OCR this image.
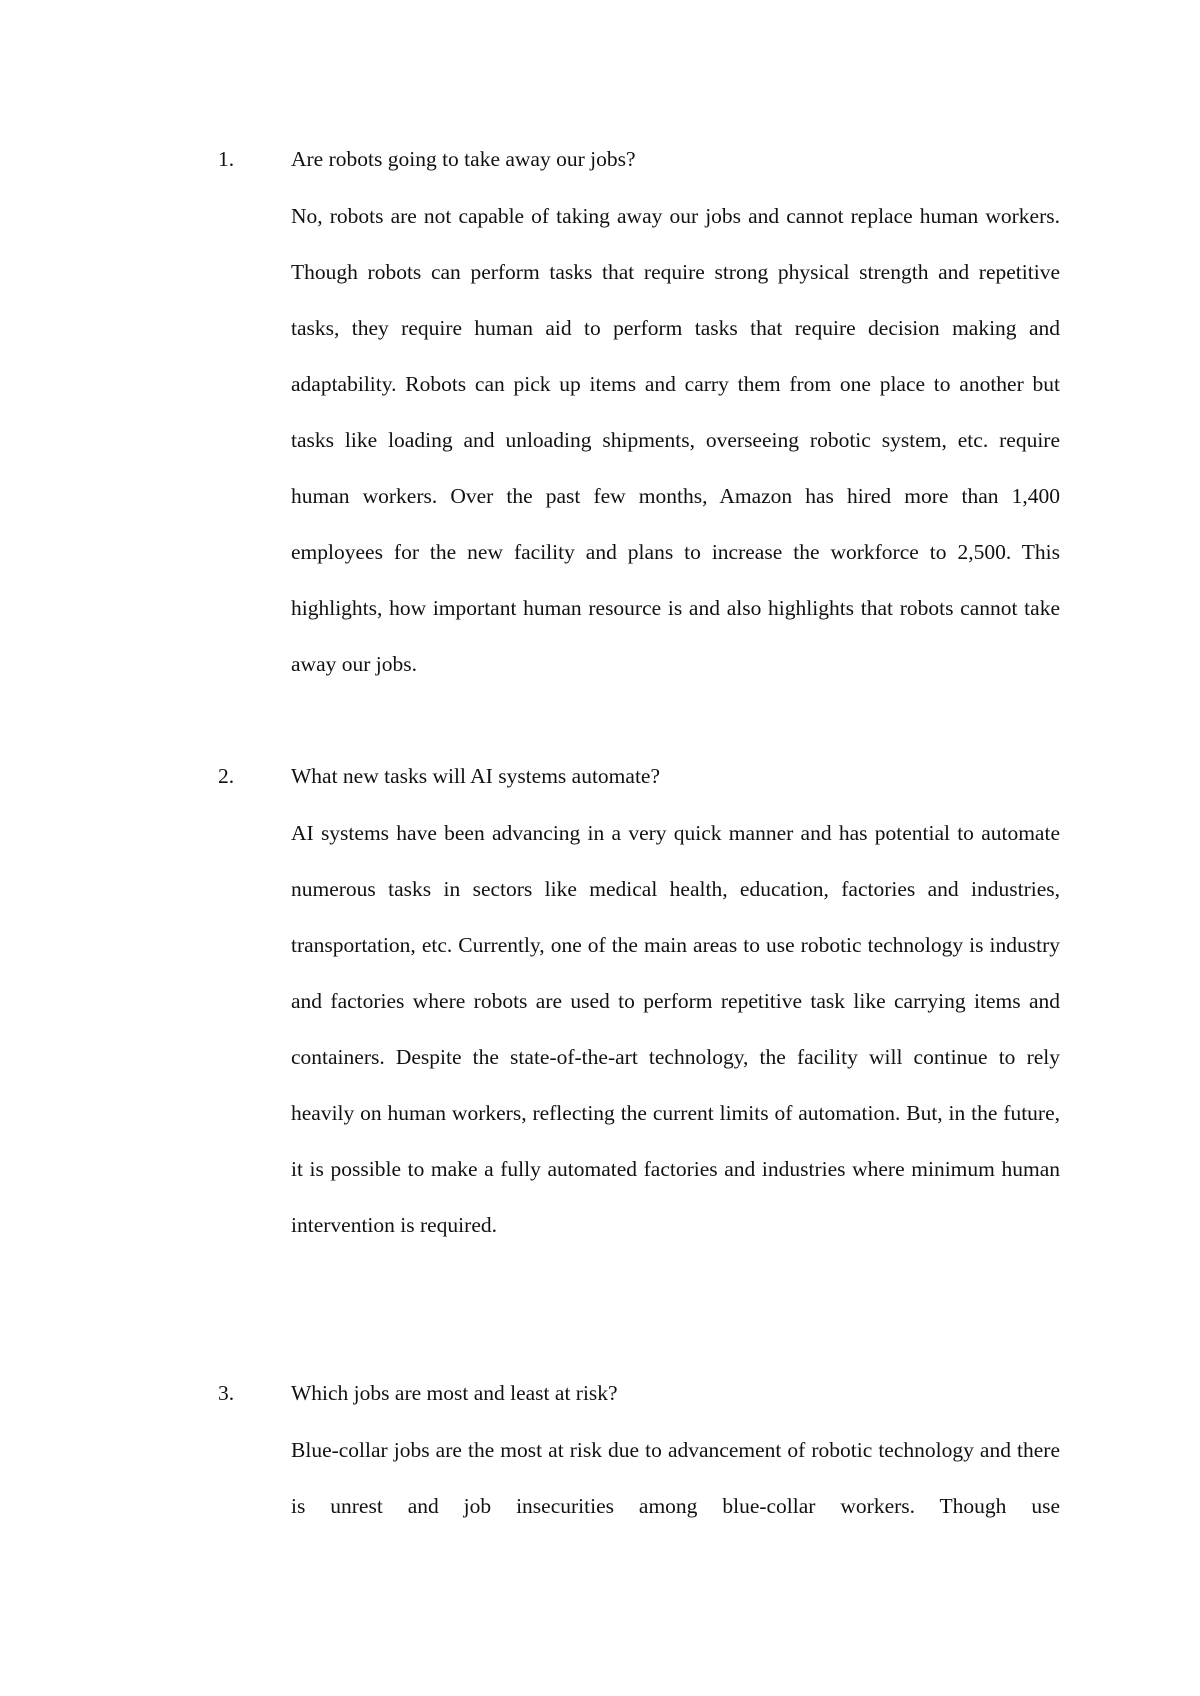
1.	Are robots going to take away our jobs?

No, robots are not capable of taking away our jobs and cannot replace human workers. Though robots can perform tasks that require strong physical strength and repetitive tasks, they require human aid to perform tasks that require decision making and adaptability. Robots can pick up items and carry them from one place to another but tasks like loading and unloading shipments, overseeing robotic system, etc. require human workers. Over the past few months, Amazon has hired more than 1,400 employees for the new facility and plans to increase the workforce to 2,500. This highlights, how important human resource is and also highlights that robots cannot take away our jobs.

2.	What new tasks will AI systems automate?

AI systems have been advancing in a very quick manner and has potential to automate numerous tasks in sectors like medical health, education, factories and industries, transportation, etc. Currently, one of the main areas to use robotic technology is industry and factories where robots are used to perform repetitive task like carrying items and containers. Despite the state-of-the-art technology, the facility will continue to rely heavily on human workers, reflecting the current limits of automation. But, in the future, it is possible to make a fully automated factories and industries where minimum human intervention is required.

3.	Which jobs are most and least at risk?

Blue-collar jobs are the most at risk due to advancement of robotic technology and there is unrest and job insecurities among blue-collar workers. Though use
